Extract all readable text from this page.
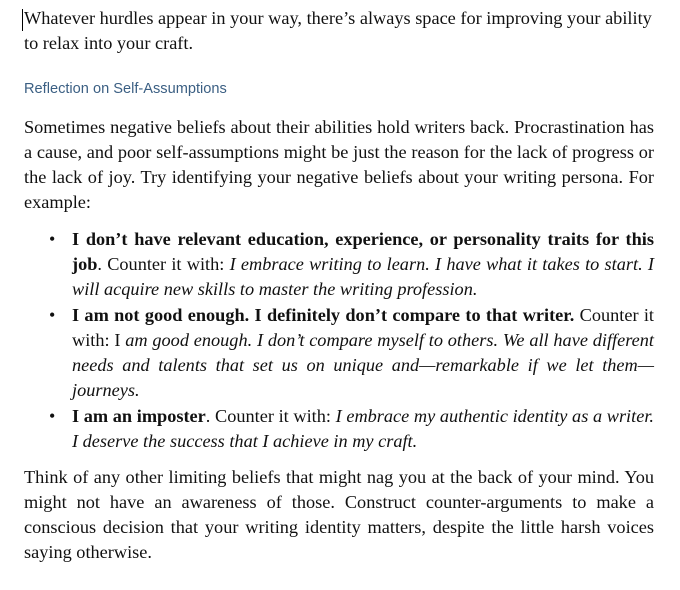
Whatever hurdles appear in your way, there’s always space for improving your ability to relax into your craft.

Reflection on Self-Assumptions

Sometimes negative beliefs about their abilities hold writers back. Procrastination has a cause, and poor self-assumptions might be just the reason for the lack of progress or the lack of joy. Try identifying your negative beliefs about your writing persona. For example:

• I don’t have relevant education, experience, or personality traits for this job. Counter it with: I embrace writing to learn. I have what it takes to start. I will acquire new skills to master the writing profession.
• I am not good enough. I definitely don’t compare to that writer. Counter it with: I am good enough. I don’t compare myself to others. We all have different needs and talents that set us on unique and—remarkable if we let them—journeys.
• I am an imposter. Counter it with: I embrace my authentic identity as a writer. I deserve the success that I achieve in my craft.

Think of any other limiting beliefs that might nag you at the back of your mind. You might not have an awareness of those. Construct counter-arguments to make a conscious decision that your writing identity matters, despite the little harsh voices saying otherwise.
